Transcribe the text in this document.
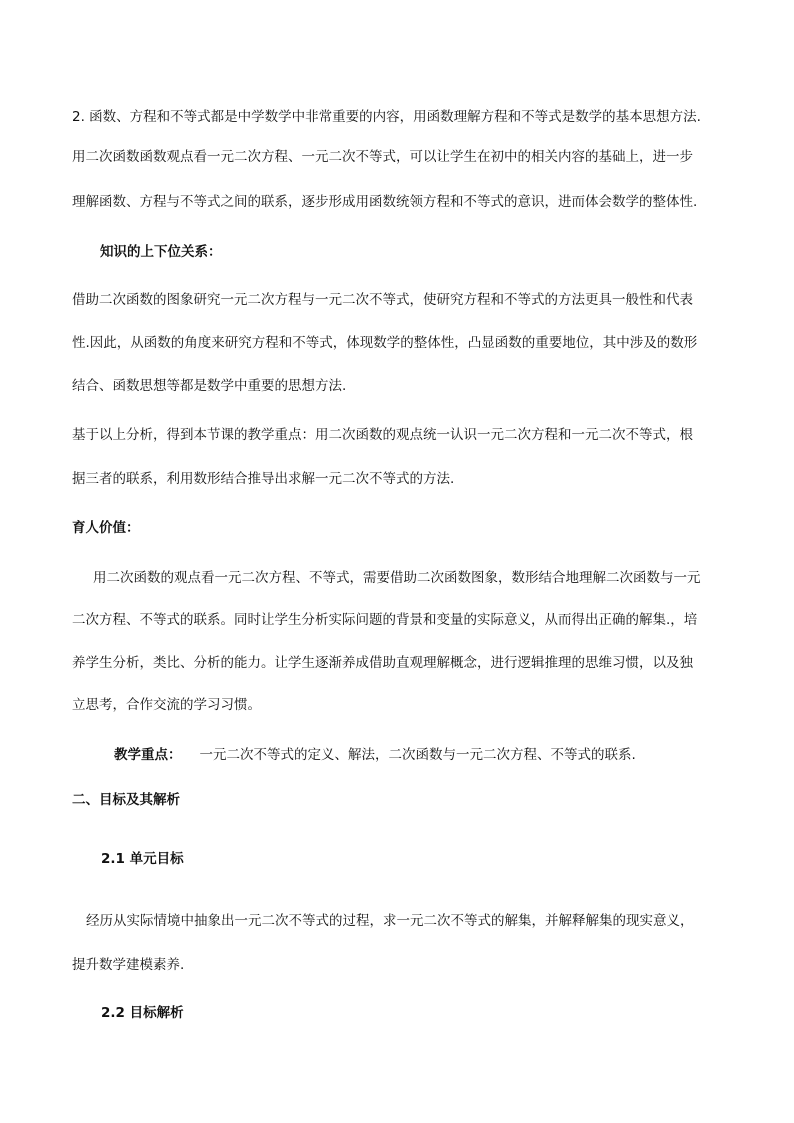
2. 函数、方程和不等式都是中学数学中非常重要的内容，用函数理解方程和不等式是数学的基本思想方法.
用二次函数函数观点看一元二次方程、一元二次不等式，可以让学生在初中的相关内容的基础上，进一步
理解函数、方程与不等式之间的联系，逐步形成用函数统领方程和不等式的意识，进而体会数学的整体性.
知识的上下位关系：
借助二次函数的图象研究一元二次方程与一元二次不等式，使研究方程和不等式的方法更具一般性和代表
性.因此，从函数的角度来研究方程和不等式，体现数学的整体性，凸显函数的重要地位，其中涉及的数形
结合、函数思想等都是数学中重要的思想方法.
基于以上分析，得到本节课的教学重点：用二次函数的观点统一认识一元二次方程和一元二次不等式，根
据三者的联系，利用数形结合推导出求解一元二次不等式的方法.
育人价值：
用二次函数的观点看一元二次方程、不等式，需要借助二次函数图象，数形结合地理解二次函数与一元
二次方程、不等式的联系。同时让学生分析实际问题的背景和变量的实际意义，从而得出正确的解集.，培
养学生分析，类比、分析的能力。让学生逐渐养成借助直观理解概念，进行逻辑推理的思维习惯，以及独
立思考，合作交流的学习习惯。
教学重点： 一元二次不等式的定义、解法，二次函数与一元二次方程、不等式的联系.
二、目标及其解析
2.1 单元目标
经历从实际情境中抽象出一元二次不等式的过程，求一元二次不等式的解集，并解释解集的现实意义，
提升数学建模素养.
2.2 目标解析
